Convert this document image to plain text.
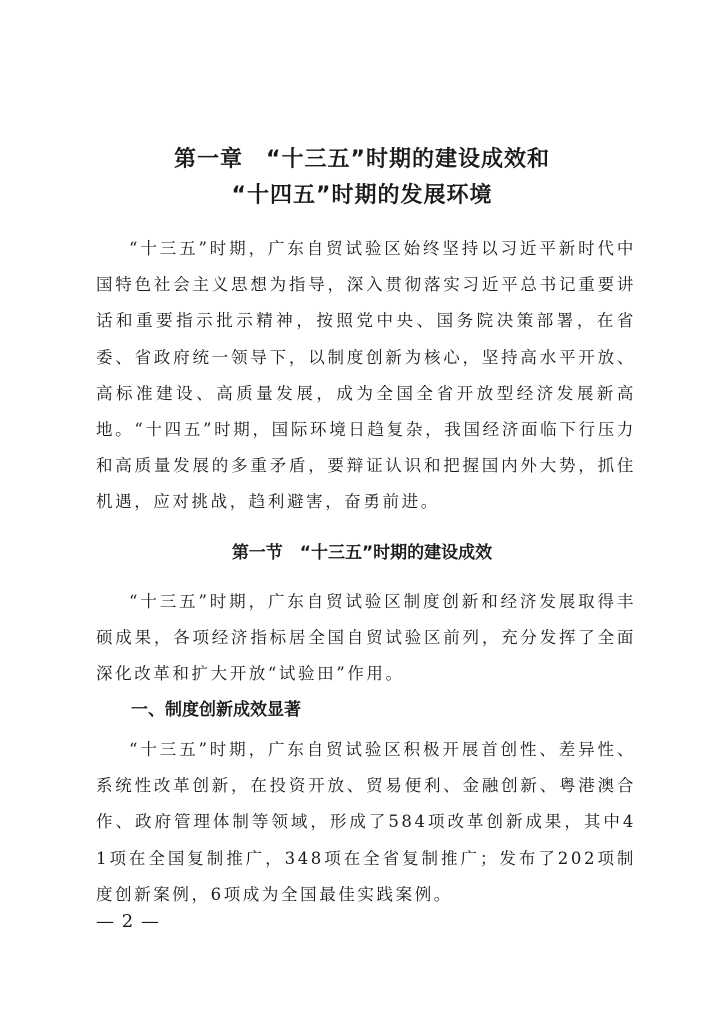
第一章　“十三五”时期的建设成效和
“十四五”时期的发展环境

“十三五”时期，广东自贸试验区始终坚持以习近平新时代中国特色社会主义思想为指导，深入贯彻落实习近平总书记重要讲话和重要指示批示精神，按照党中央、国务院决策部署，在省委、省政府统一领导下，以制度创新为核心，坚持高水平开放、高标准建设、高质量发展，成为全国全省开放型经济发展新高地。“十四五”时期，国际环境日趋复杂，我国经济面临下行压力和高质量发展的多重矛盾，要辩证认识和把握国内外大势，抓住机遇，应对挑战，趋利避害，奋勇前进。

第一节　“十三五”时期的建设成效

“十三五”时期，广东自贸试验区制度创新和经济发展取得丰硕成果，各项经济指标居全国自贸试验区前列，充分发挥了全面深化改革和扩大开放“试验田”作用。

一、制度创新成效显著

“十三五”时期，广东自贸试验区积极开展首创性、差异性、系统性改革创新，在投资开放、贸易便利、金融创新、粤港澳合作、政府管理体制等领域，形成了584项改革创新成果，其中41项在全国复制推广，348项在全省复制推广；发布了202项制度创新案例，6项成为全国最佳实践案例。

— 2 —
